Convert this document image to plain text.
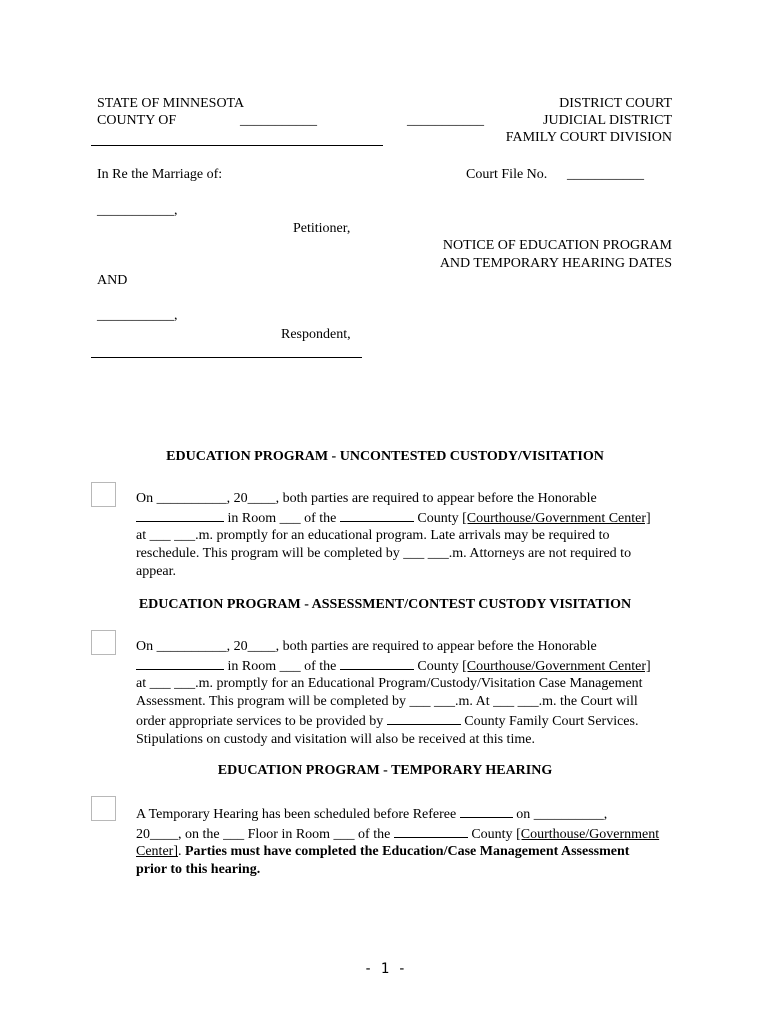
STATE OF MINNESOTA
COUNTY OF	___________
DISTRICT COURT
___________	JUDICIAL DISTRICT
FAMILY COURT DIVISION
In Re the Marriage of:	Court File No. ___________
___________,
Petitioner,
NOTICE OF EDUCATION PROGRAM
AND TEMPORARY HEARING DATES
AND
___________,
Respondent,
EDUCATION PROGRAM - UNCONTESTED CUSTODY/VISITATION
On __________, 20____, both parties are required to appear before the Honorable
in Room ___ of the	County [Courthouse/Government Center]
at ___ ___.m. promptly for an educational program. Late arrivals may be required to
reschedule. This program will be completed by ___ ___.m. Attorneys are not required to
appear.
EDUCATION PROGRAM - ASSESSMENT/CONTEST CUSTODY VISITATION
On __________, 20____, both parties are required to appear before the Honorable
in Room ___ of the	County [Courthouse/Government Center]
at ___ ___.m. promptly for an Educational Program/Custody/Visitation Case Management
Assessment. This program will be completed by ___ ___.m. At ___ ___.m. the Court will
order appropriate services to be provided by	County Family Court Services.
Stipulations on custody and visitation will also be received at this time.
EDUCATION PROGRAM - TEMPORARY HEARING
A Temporary Hearing has been scheduled before Referee	on __________,
20____, on the ___ Floor in Room ___ of the	County [Courthouse/Government
Center]. Parties must have completed the Education/Case Management Assessment
prior to this hearing.
- 1 -
